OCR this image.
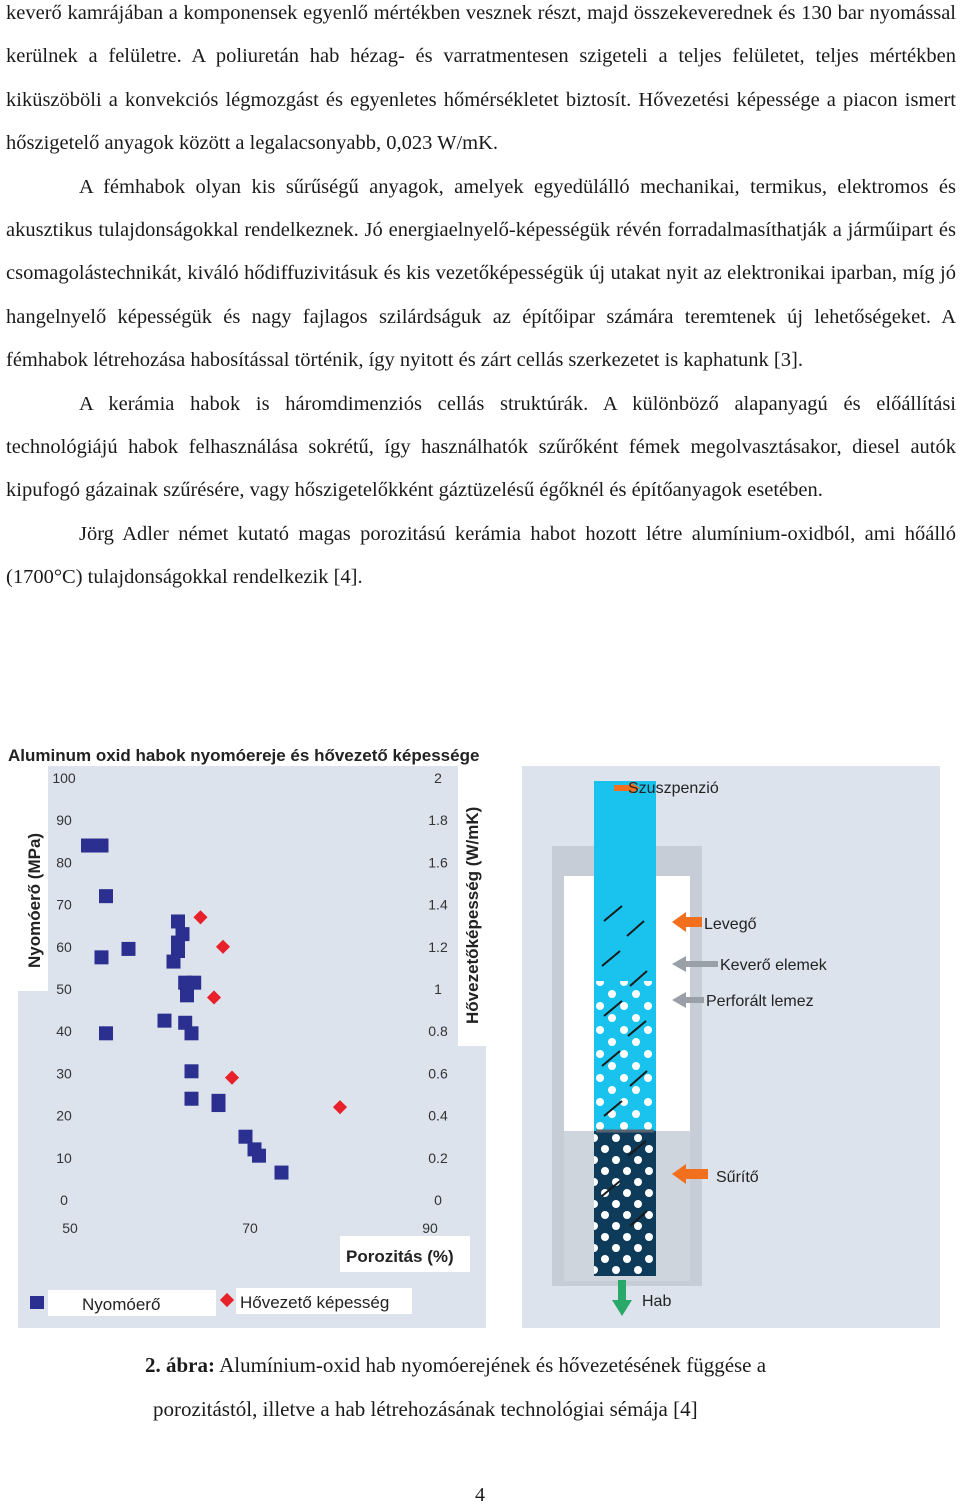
keverő kamrájában a komponensek egyenlő mértékben vesznek részt, majd összekeverednek és 130 bar nyomással kerülnek a felületre. A poliuretán hab hézag- és varratmentesen szigeteli a teljes felületet, teljes mértékben kiküszöböli a konvekciós légmozgást és egyenletes hőmérsékletet biztosít. Hővezetési képessége a piacon ismert hőszigetelő anyagok között a legalacsonyabb, 0,023 W/mK.

A fémhabok olyan kis sűrűségű anyagok, amelyek egyedülálló mechanikai, termikus, elektromos és akusztikus tulajdonságokkal rendelkeznek. Jó energiaelnyelő-képességük révén forradalmasíthatják a járműipart és csomagolástechnikát, kiváló hődiffuzivitásuk és kis vezetőképességük új utakat nyit az elektronikai iparban, míg jó hangelnyelő képességük és nagy fajlagos szilárdságuk az építőipar számára teremtenek új lehetőségeket. A fémhabok létrehozása habosítással történik, így nyitott és zárt cellás szerkezetet is kaphatunk [3].

A kerámia habok is háromdimenziós cellás struktúrák. A különböző alapanyagú és előállítási technológiájú habok felhasználása sokrétű, így használhatók szűrőként fémek megolvasztásakor, diesel autók kipufogó gázainak szűrésére, vagy hőszigetelőkként gáztüzelésű égőknél és építőanyagok esetében.

Jörg Adler német kutató magas porozitású kerámia habot hozott létre alumínium-oxidból, ami hőálló (1700°C) tulajdonságokkal rendelkezik [4].

Aluminum oxid habok nyomóereje és hővezető képessége
Nyomóerő (MPa)	Hővezetőképesség (W/mK)
Porozitás (%)
100
90
80
70
60
50
40
30
20
10
0
2
1.8
1.6
1.4
1.2
1
0.8
0.6
0.4
0.2
0
50	70	90
Nyomóerő	Hővezető képesség
Szuszpenzió
Levegő
Keverő elemek
Perforált lemez
Sűrítő
Hab
2. ábra: Alumínium-oxid hab nyomóerejének és hővezetésének függése a
porozitástól, illetve a hab létrehozásának technológiai sémája [4]
4
